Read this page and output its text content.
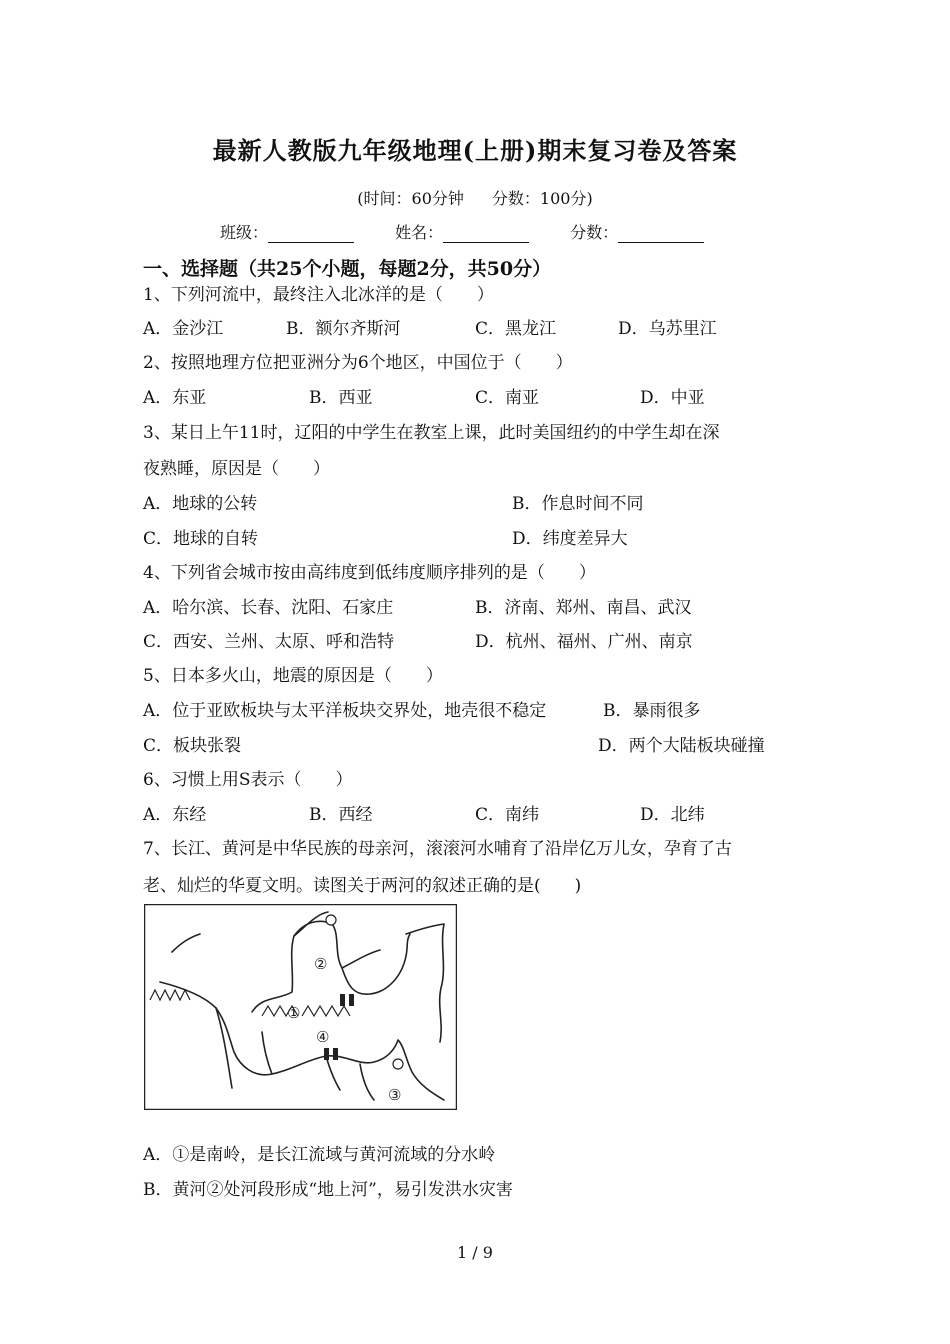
最新人教版九年级地理(上册)期末复习卷及答案
(时间：60分钟 分数：100分)
班级：	姓名：	分数：
一、选择题（共25个小题，每题2分，共50分）
1、下列河流中，最终注入北冰洋的是（　　）
A．金沙江	B．额尔齐斯河	C．黑龙江	D．乌苏里江
2、按照地理方位把亚洲分为6个地区，中国位于（　　）
A．东亚	B．西亚	C．南亚	D．中亚
3、某日上午11时，辽阳的中学生在教室上课，此时美国纽约的中学生却在深
夜熟睡，原因是（　　）
A．地球的公转	B．作息时间不同
C．地球的自转	D．纬度差异大
4、下列省会城市按由高纬度到低纬度顺序排列的是（　　）
A．哈尔滨、长春、沈阳、石家庄	B．济南、郑州、南昌、武汉
C．西安、兰州、太原、呼和浩特	D．杭州、福州、广州、南京
5、日本多火山，地震的原因是（　　）
A．位于亚欧板块与太平洋板块交界处，地壳很不稳定	B．暴雨很多
C．板块张裂	D．两个大陆板块碰撞
6、习惯上用S表示（　　）
A．东经	B．西经	C．南纬	D．北纬
7、长江、黄河是中华民族的母亲河，滚滚河水哺育了沿岸亿万儿女，孕育了古
老、灿烂的华夏文明。读图关于两河的叙述正确的是(　　)
①
②
③
④
A．①是南岭，是长江流域与黄河流域的分水岭
B．黄河②处河段形成“地上河”，易引发洪水灾害
1 / 9
